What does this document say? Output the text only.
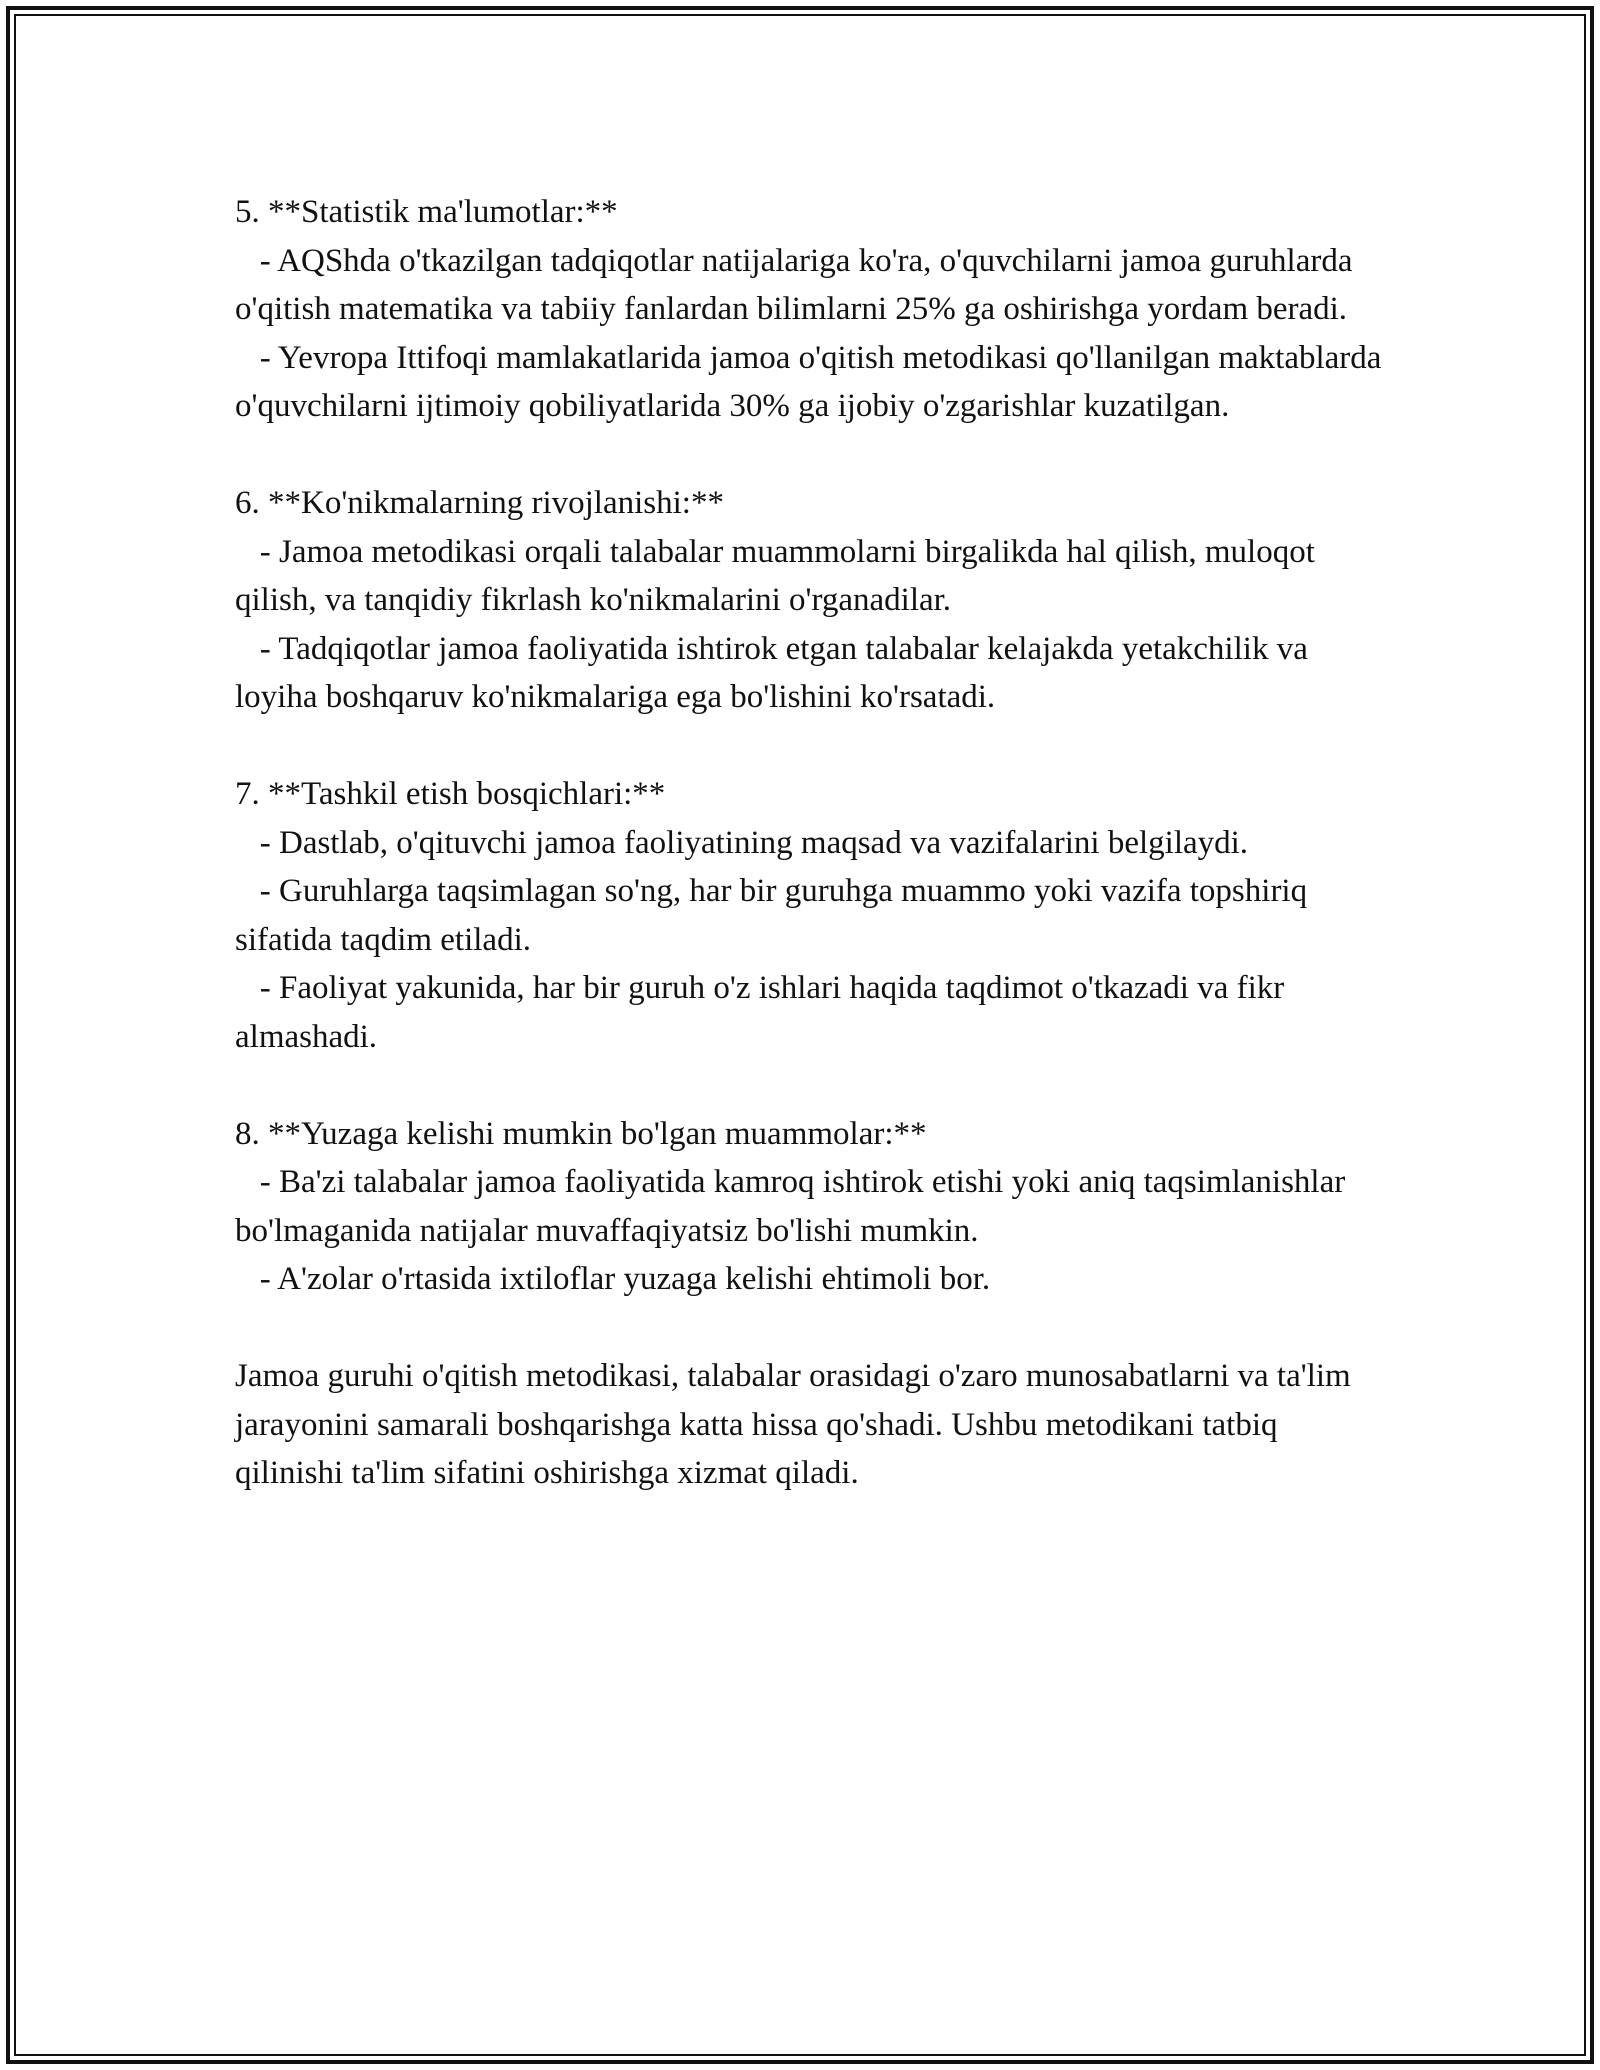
5. **Statistik ma'lumotlar:**

- AQShda o'tkazilgan tadqiqotlar natijalariga ko'ra, o'quvchilarni jamoa guruhlarda o'qitish matematika va tabiiy fanlardan bilimlarni 25% ga oshirishga yordam beradi.

- Yevropa Ittifoqi mamlakatlarida jamoa o'qitish metodikasi qo'llanilgan maktablarda o'quvchilarni ijtimoiy qobiliyatlarida 30% ga ijobiy o'zgarishlar kuzatilgan.

6. **Ko'nikmalarning rivojlanishi:**

- Jamoa metodikasi orqali talabalar muammolarni birgalikda hal qilish, muloqot qilish, va tanqidiy fikrlash ko'nikmalarini o'rganadilar.

- Tadqiqotlar jamoa faoliyatida ishtirok etgan talabalar kelajakda yetakchilik va loyiha boshqaruv ko'nikmalariga ega bo'lishini ko'rsatadi.

7. **Tashkil etish bosqichlari:**

- Dastlab, o'qituvchi jamoa faoliyatining maqsad va vazifalarini belgilaydi.

- Guruhlarga taqsimlagan so'ng, har bir guruhga muammo yoki vazifa topshiriq sifatida taqdim etiladi.

- Faoliyat yakunida, har bir guruh o'z ishlari haqida taqdimot o'tkazadi va fikr almashadi.

8. **Yuzaga kelishi mumkin bo'lgan muammolar:**

- Ba'zi talabalar jamoa faoliyatida kamroq ishtirok etishi yoki aniq taqsimlanishlar bo'lmaganida natijalar muvaffaqiyatsiz bo'lishi mumkin.

- A'zolar o'rtasida ixtiloflar yuzaga kelishi ehtimoli bor.

Jamoa guruhi o'qitish metodikasi, talabalar orasidagi o'zaro munosabatlarni va ta'lim jarayonini samarali boshqarishga katta hissa qo'shadi. Ushbu metodikani tatbiq qilinishi ta'lim sifatini oshirishga xizmat qiladi.
